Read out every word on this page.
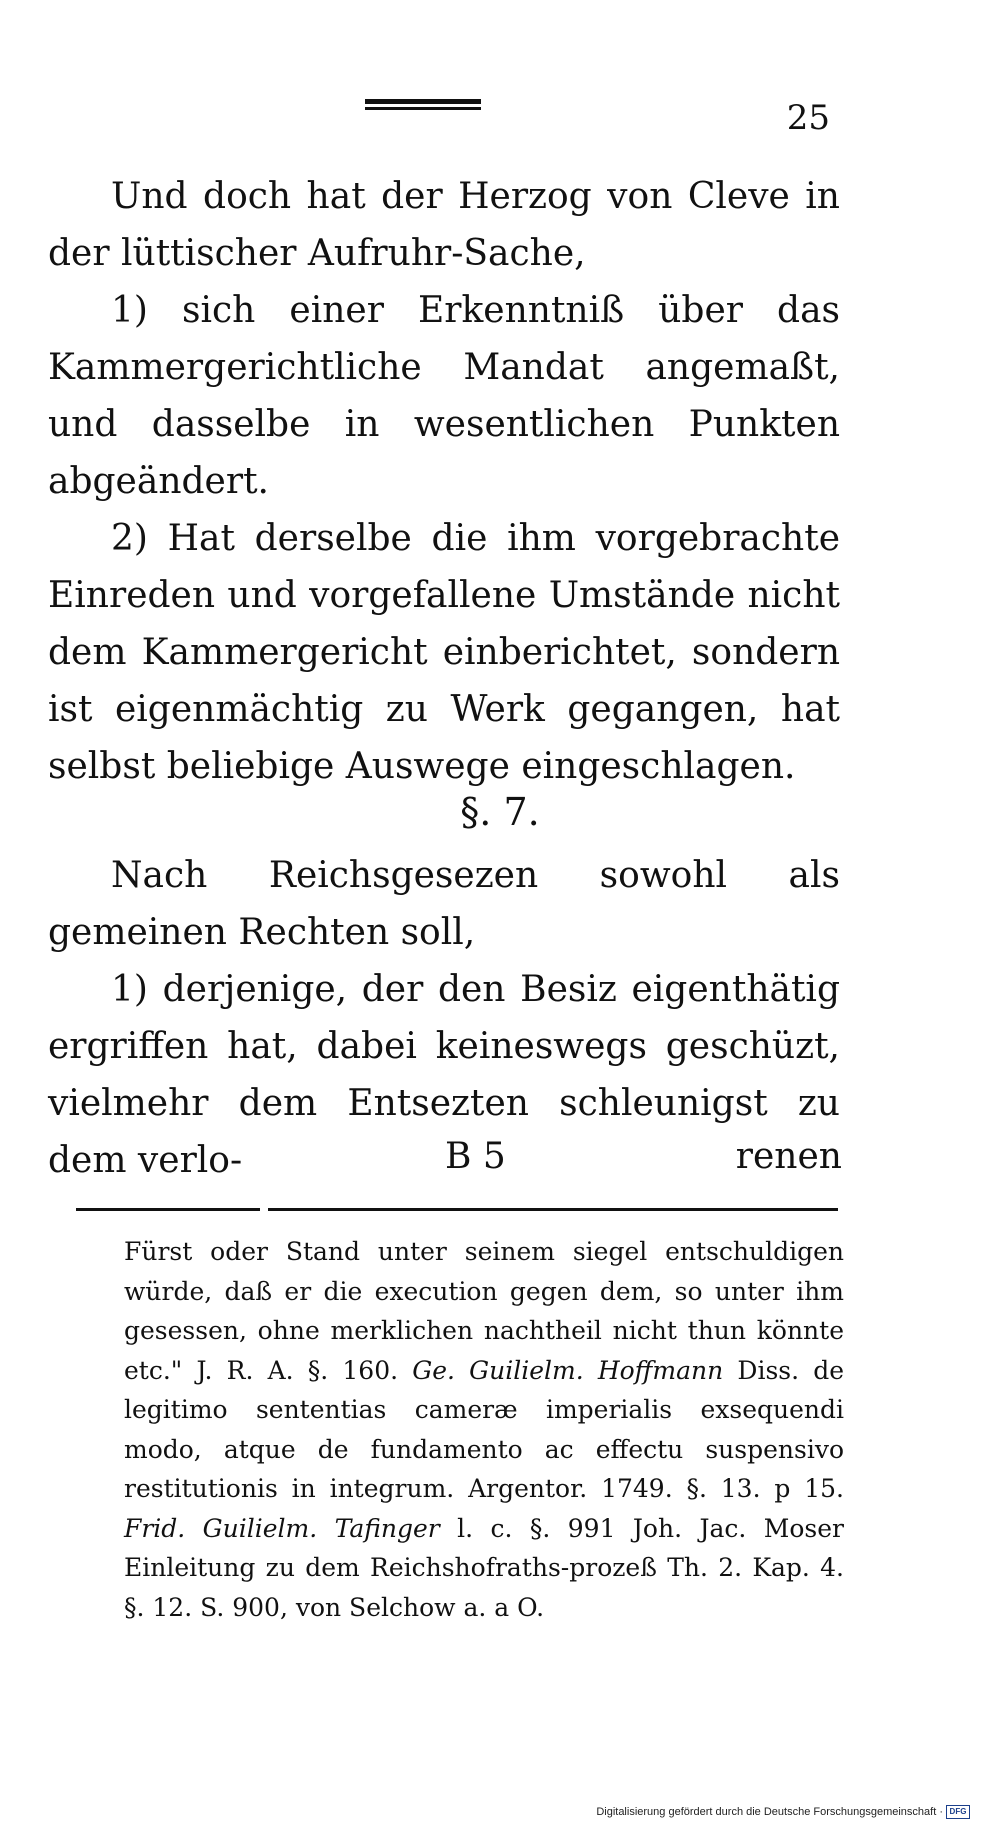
25

Und doch hat der Herzog von Cleve in der lüttischer Aufruhr-Sache,

1) sich einer Erkenntniß über das Kammergerichtliche Mandat angemaßt, und dasselbe in wesentlichen Punkten abgeändert.

2) Hat derselbe die ihm vorgebrachte Einreden und vorgefallene Umstände nicht dem Kammergericht einberichtet, sondern ist eigenmächtig zu Werk gegangen, hat selbst beliebige Auswege eingeschlagen.

§. 7.

Nach Reichsgesezen sowohl als gemeinen Rechten soll,

1) derjenige, der den Besiz eigenthätig ergriffen hat, dabei keineswegs geschüzt, vielmehr dem Entsezten schleunigst zu dem verlo-	B 5	renen
Fürst oder Stand unter seinem siegel entschuldigen würde, daß er die execution gegen dem, so unter ihm gesessen, ohne merklichen nachtheil nicht thun könnte etc." J. R. A. §. 160. Ge. Guilielm. Hoffmann Diss. de legitimo sententias cameræ imperialis exsequendi modo, atque de fundamento ac effectu suspensivo restitutionis in integrum. Argentor. 1749. §. 13. p 15. Frid. Guilielm. Tafinger l. c. §. 991 Joh. Jac. Moser Einleitung zu dem Reichshofraths-prozeß Th. 2. Kap. 4. §. 12. S. 900, von Selchow a. a O.
Digitalisierung gefördert durch die Deutsche Forschungsgemeinschaft · DFG
